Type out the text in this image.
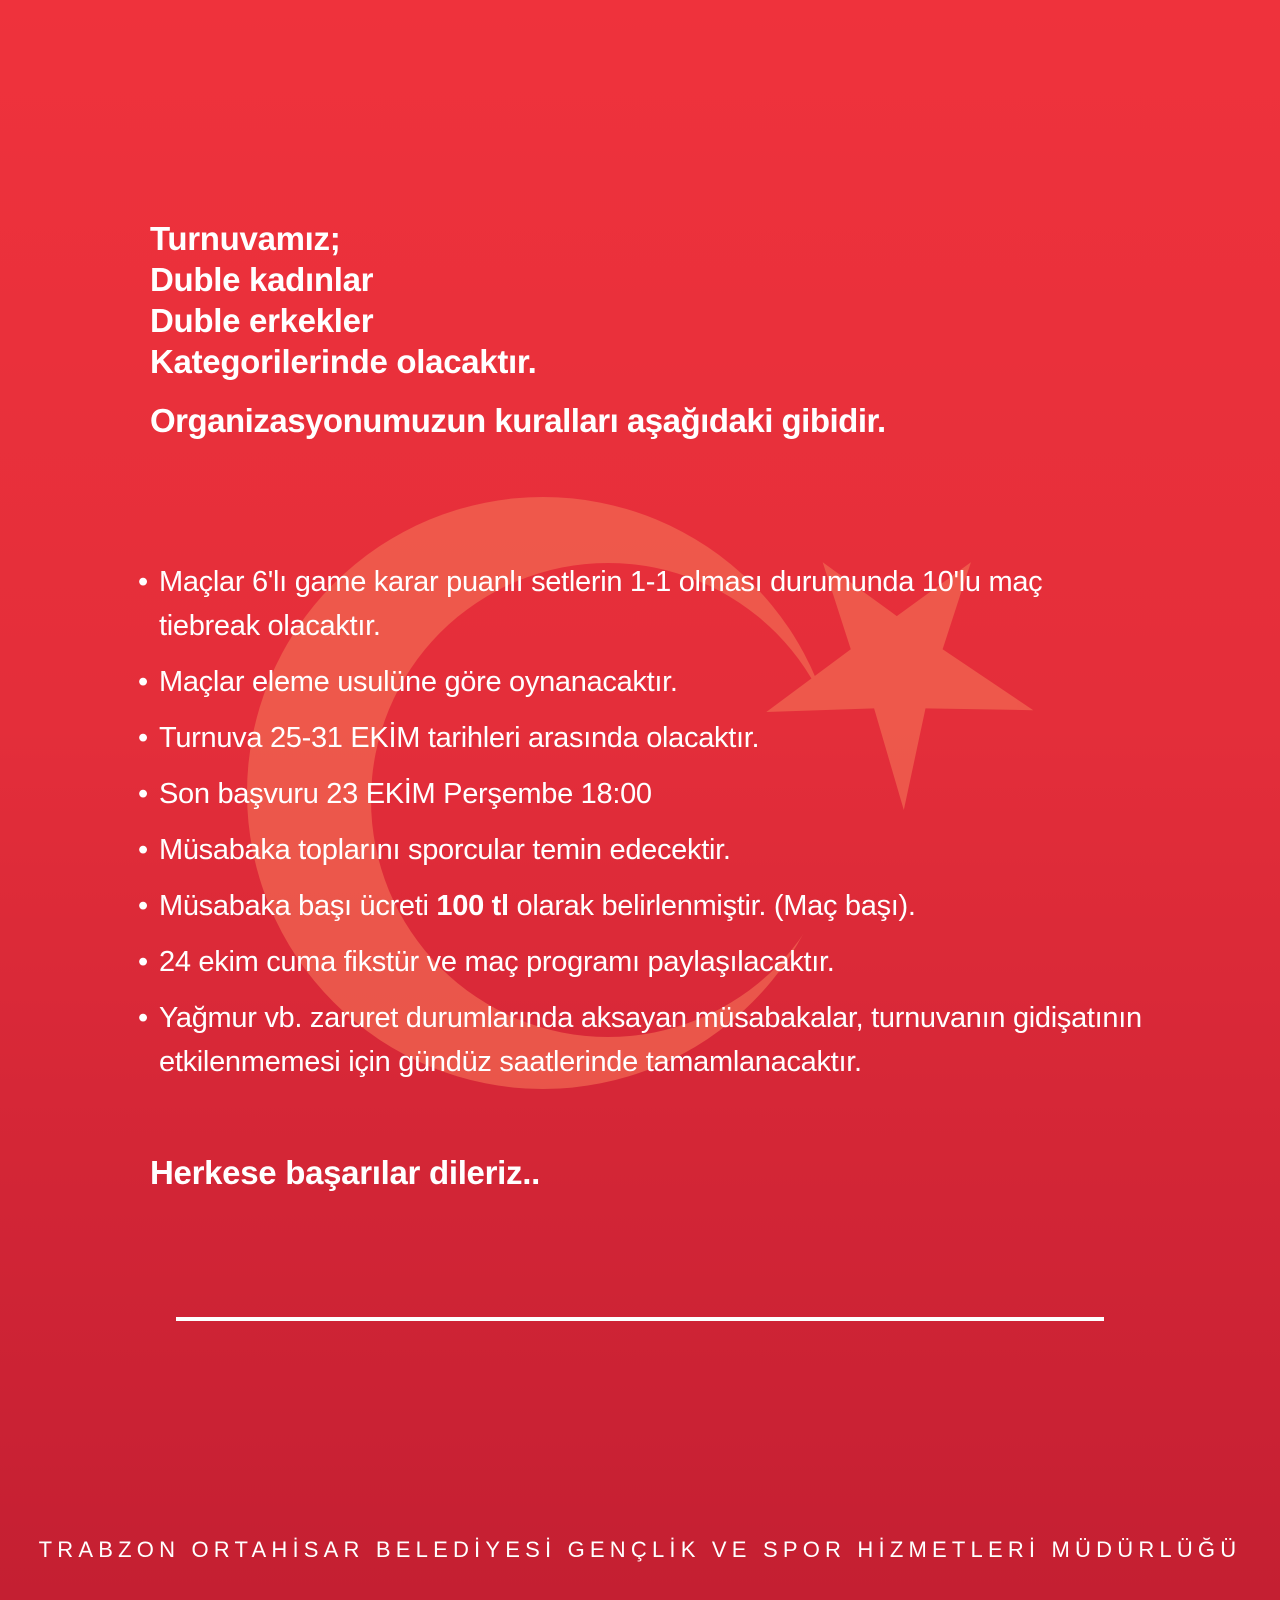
Turnuvamız;

Duble kadınlar

Duble erkekler

Kategorilerinde olacaktır.

Organizasyonumuzun kuralları aşağıdaki gibidir.

• Maçlar 6'lı game karar puanlı setlerin 1-1 olması durumunda 10'lu maç tiebreak olacaktır.
• Maçlar eleme usulüne göre oynanacaktır.
• Turnuva 25-31 EKİM tarihleri arasında olacaktır.
• Son başvuru 23 EKİM Perşembe 18:00
• Müsabaka toplarını sporcular temin edecektir.
• Müsabaka başı ücreti 100 tl olarak belirlenmiştir. (Maç başı).
• 24 ekim cuma fikstür ve maç programı paylaşılacaktır.
• Yağmur vb. zaruret durumlarında aksayan müsabakalar, turnuvanın gidişatının etkilenmemesi için gündüz saatlerinde tamamlanacaktır.

Herkese başarılar dileriz..

TRABZON ORTAHİSAR BELEDİYESİ GENÇLİK VE SPOR HİZMETLERİ MÜDÜRLÜĞÜ
